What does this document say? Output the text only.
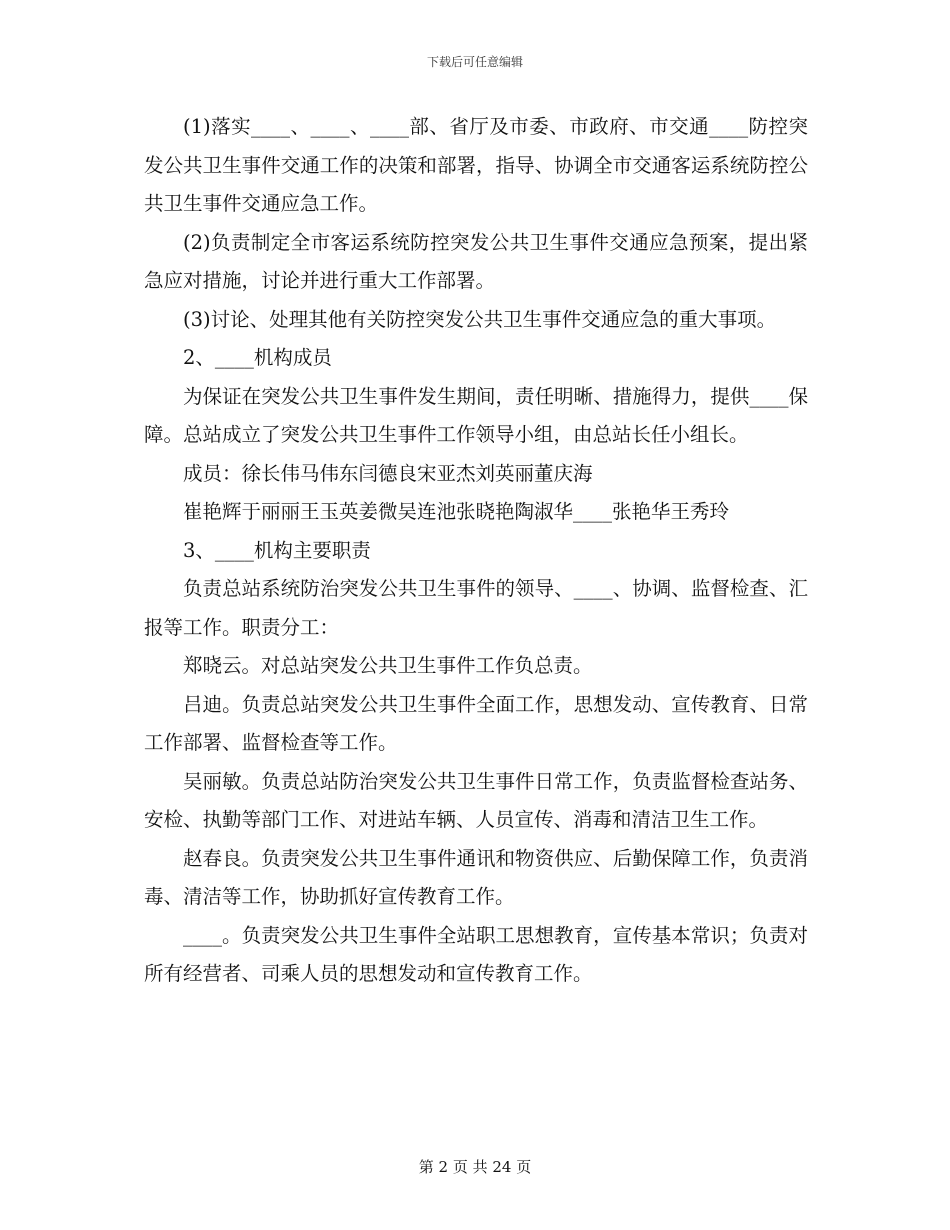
下载后可任意编辑

(1)落实____、____、____部、省厅及市委、市政府、市交通____防控突发公共卫生事件交通工作的决策和部署，指导、协调全市交通客运系统防控公共卫生事件交通应急工作。

(2)负责制定全市客运系统防控突发公共卫生事件交通应急预案，提出紧急应对措施，讨论并进行重大工作部署。

(3)讨论、处理其他有关防控突发公共卫生事件交通应急的重大事项。

2、____机构成员

为保证在突发公共卫生事件发生期间，责任明晰、措施得力，提供____保障。总站成立了突发公共卫生事件工作领导小组，由总站长任小组长。

成员：徐长伟马伟东闫德良宋亚杰刘英丽董庆海

崔艳辉于丽丽王玉英姜微吴连池张晓艳陶淑华____张艳华王秀玲

3、____机构主要职责

负责总站系统防治突发公共卫生事件的领导、____、协调、监督检查、汇报等工作。职责分工：

郑晓云。对总站突发公共卫生事件工作负总责。

吕迪。负责总站突发公共卫生事件全面工作，思想发动、宣传教育、日常工作部署、监督检查等工作。

吴丽敏。负责总站防治突发公共卫生事件日常工作，负责监督检查站务、安检、执勤等部门工作、对进站车辆、人员宣传、消毒和清洁卫生工作。

赵春良。负责突发公共卫生事件通讯和物资供应、后勤保障工作，负责消毒、清洁等工作，协助抓好宣传教育工作。

____。负责突发公共卫生事件全站职工思想教育，宣传基本常识；负责对所有经营者、司乘人员的思想发动和宣传教育工作。

第 2 页 共 24 页
